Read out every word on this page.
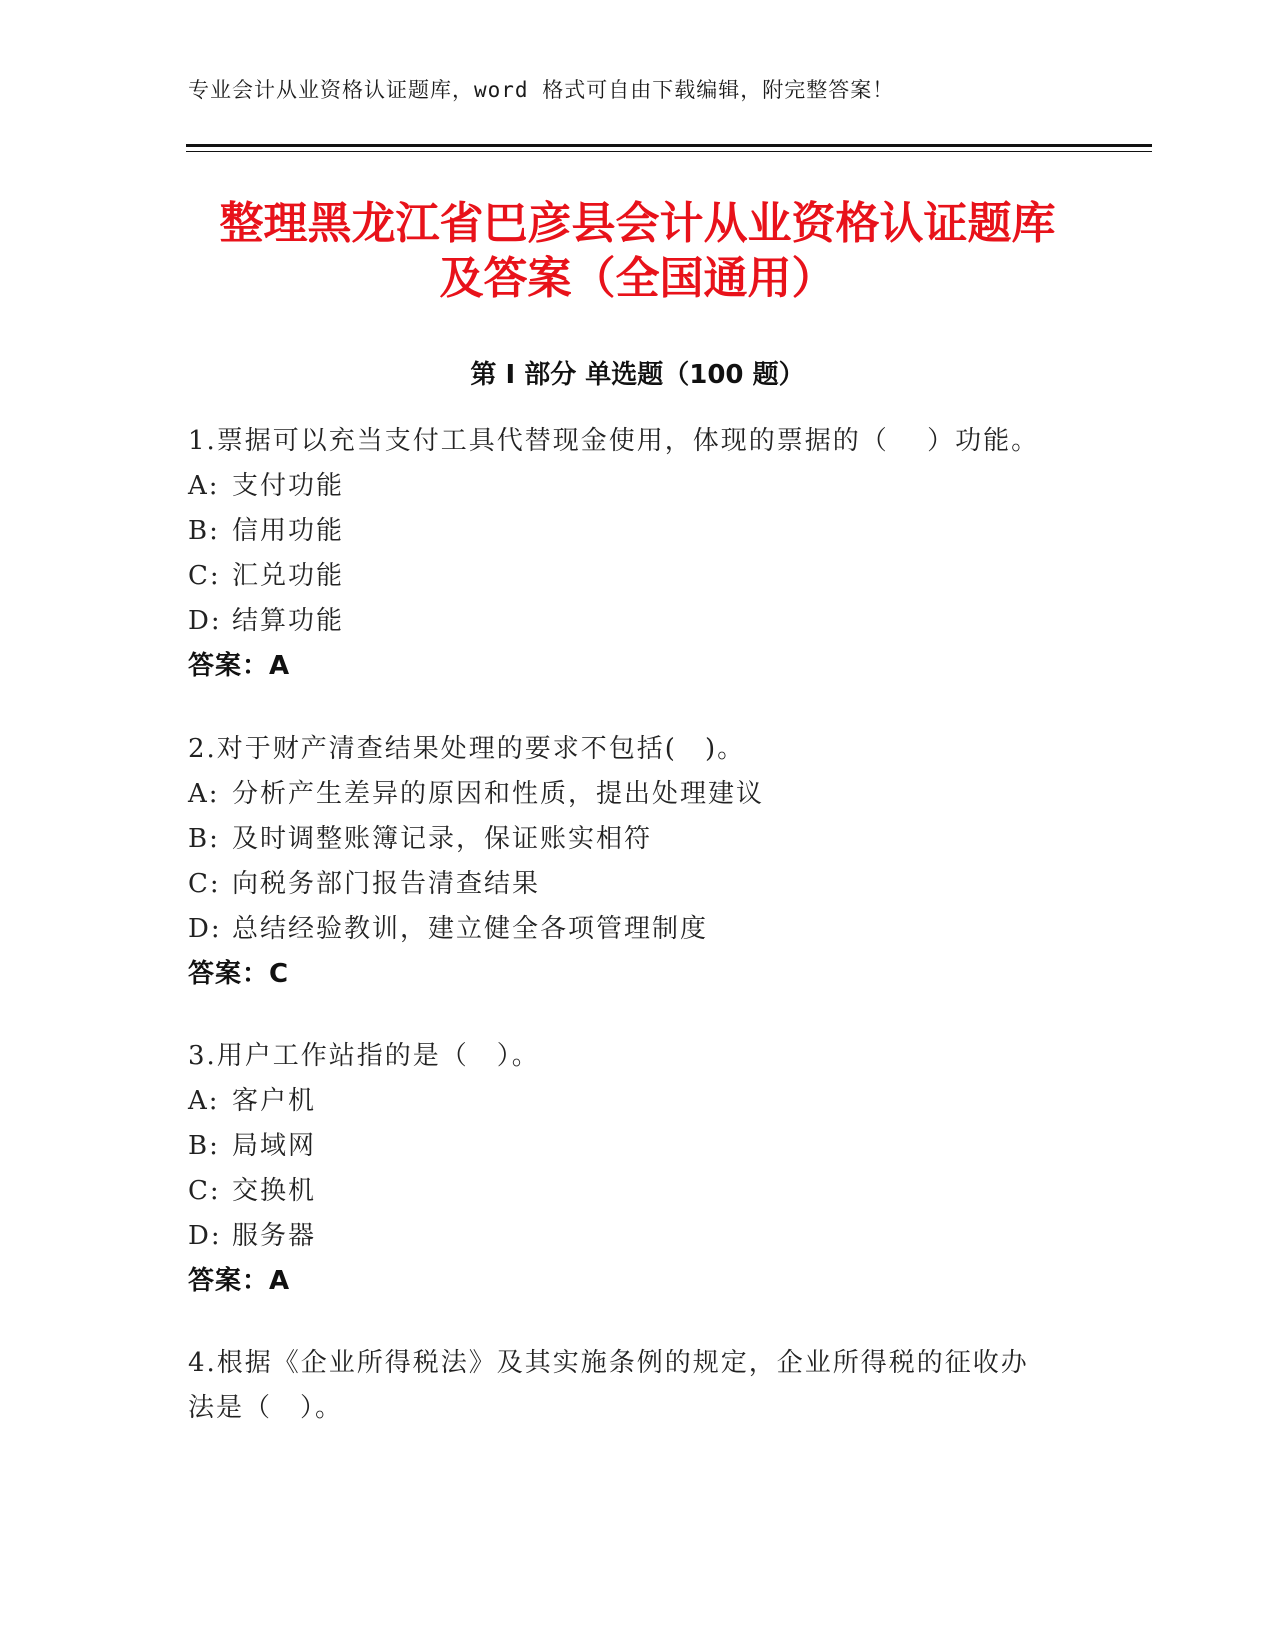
专业会计从业资格认证题库，word 格式可自由下载编辑，附完整答案！
整理黑龙江省巴彦县会计从业资格认证题库
及答案（全国通用）
第 I 部分 单选题（100 题）
1.票据可以充当支付工具代替现金使用，体现的票据的（　 ）功能。
A: 支付功能
B: 信用功能
C: 汇兑功能
D: 结算功能
答案：A
2.对于财产清查结果处理的要求不包括(　)。
A: 分析产生差异的原因和性质，提出处理建议
B: 及时调整账簿记录，保证账实相符
C: 向税务部门报告清查结果
D: 总结经验教训，建立健全各项管理制度
答案：C
3.用户工作站指的是（　）。
A: 客户机
B: 局域网
C: 交换机
D: 服务器
答案：A
4.根据《企业所得税法》及其实施条例的规定，企业所得税的征收办
法是（　）。
